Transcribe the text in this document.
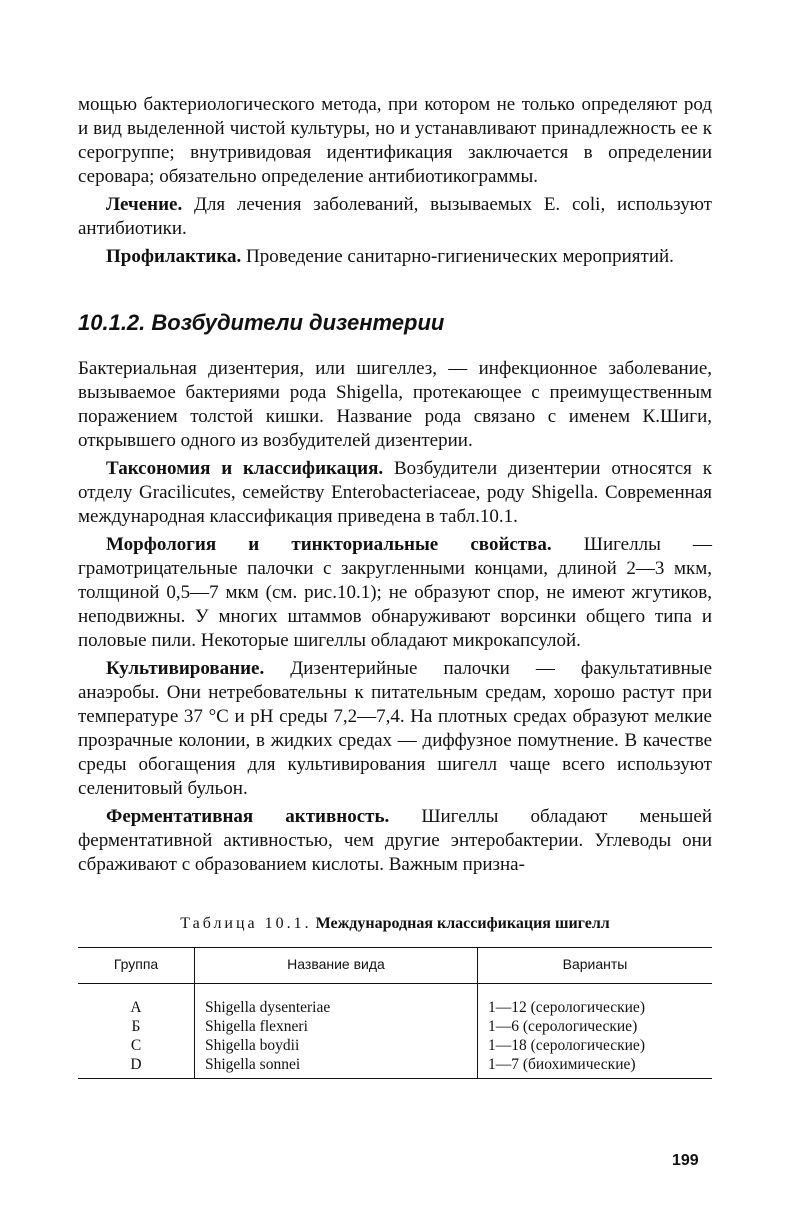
мощью бактериологического метода, при котором не только определяют род и вид выделенной чистой культуры, но и устанавливают принадлежность ее к серогруппе; внутривидовая идентификация заключается в определении серовара; обязательно определение антибиотикограммы.

Лечение. Для лечения заболеваний, вызываемых E. coli, используют антибиотики.

Профилактика. Проведение санитарно-гигиенических мероприятий.

10.1.2. Возбудители дизентерии

Бактериальная дизентерия, или шигеллез, — инфекционное заболевание, вызываемое бактериями рода Shigella, протекающее с преимущественным поражением толстой кишки. Название рода связано с именем К.Шиги, открывшего одного из возбудителей дизентерии.

Таксономия и классификация. Возбудители дизентерии относятся к отделу Gracilicutes, семейству Enterobacteriaceae, роду Shigella. Современная международная классификация приведена в табл.10.1.

Морфология и тинкториальные свойства. Шигеллы — грамотрицательные палочки с закругленными концами, длиной 2—3 мкм, толщиной 0,5—7 мкм (см. рис.10.1); не образуют спор, не имеют жгутиков, неподвижны. У многих штаммов обнаруживают ворсинки общего типа и половые пили. Некоторые шигеллы обладают микрокапсулой.

Культивирование. Дизентерийные палочки — факультативные анаэробы. Они нетребовательны к питательным средам, хорошо растут при температуре 37 °С и pH среды 7,2—7,4. На плотных средах образуют мелкие прозрачные колонии, в жидких средах — диффузное помутнение. В качестве среды обогащения для культивирования шигелл чаще всего используют селенитовый бульон.

Ферментативная активность. Шигеллы обладают меньшей ферментативной активностью, чем другие энтеробактерии. Углеводы они сбраживают с образованием кислоты. Важным призна-

Таблица 10.1. Международная классификация шигелл
Группа	Название вида	Варианты
A	Shigella dysenteriae	1—12 (серологические)
Б	Shigella flexneri	1—6 (серологические)
C	Shigella boydii	1—18 (серологические)
D	Shigella sonnei	1—7 (биохимические)
199
